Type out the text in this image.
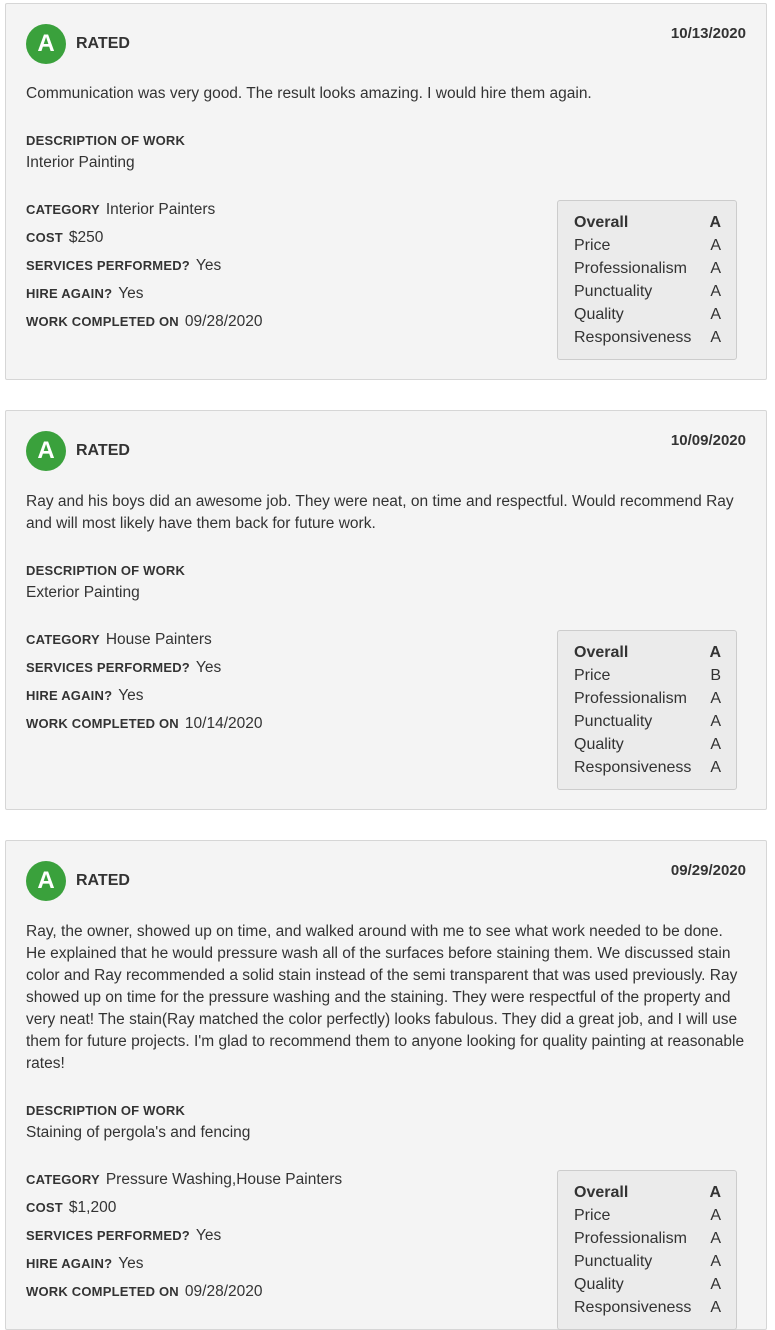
A	RATED
10/13/2020
Communication was very good. The result looks amazing. I would hire them again.
DESCRIPTION OF WORK
Interior Painting
CATEGORY Interior Painters
COST $250
SERVICES PERFORMED? Yes
HIRE AGAIN? Yes
WORK COMPLETED ON 09/28/2020
Overall	A
Price	A
Professionalism A
Punctuality	A
Quality	A
Responsiveness A
A	RATED
10/09/2020
Ray and his boys did an awesome job. They were neat, on time and respectful. Would recommend Ray and will most likely have them back for future work.
DESCRIPTION OF WORK
Exterior Painting
CATEGORY House Painters
SERVICES PERFORMED? Yes
HIRE AGAIN? Yes
WORK COMPLETED ON 10/14/2020
Overall	A
Price	B
Professionalism A
Punctuality	A
Quality	A
Responsiveness A
A	RATED
09/29/2020
Ray, the owner, showed up on time, and walked around with me to see what work needed to be done. He explained that he would pressure wash all of the surfaces before staining them. We discussed stain color and Ray recommended a solid stain instead of the semi transparent that was used previously. Ray showed up on time for the pressure washing and the staining. They were respectful of the property and very neat! The stain(Ray matched the color perfectly) looks fabulous. They did a great job, and I will use them for future projects. I'm glad to recommend them to anyone looking for quality painting at reasonable rates!
DESCRIPTION OF WORK
Staining of pergola's and fencing
CATEGORY Pressure Washing,House Painters
COST $1,200
SERVICES PERFORMED? Yes
HIRE AGAIN? Yes
WORK COMPLETED ON 09/28/2020
Overall	A
Price	A
Professionalism A
Punctuality	A
Quality	A
Responsiveness A
